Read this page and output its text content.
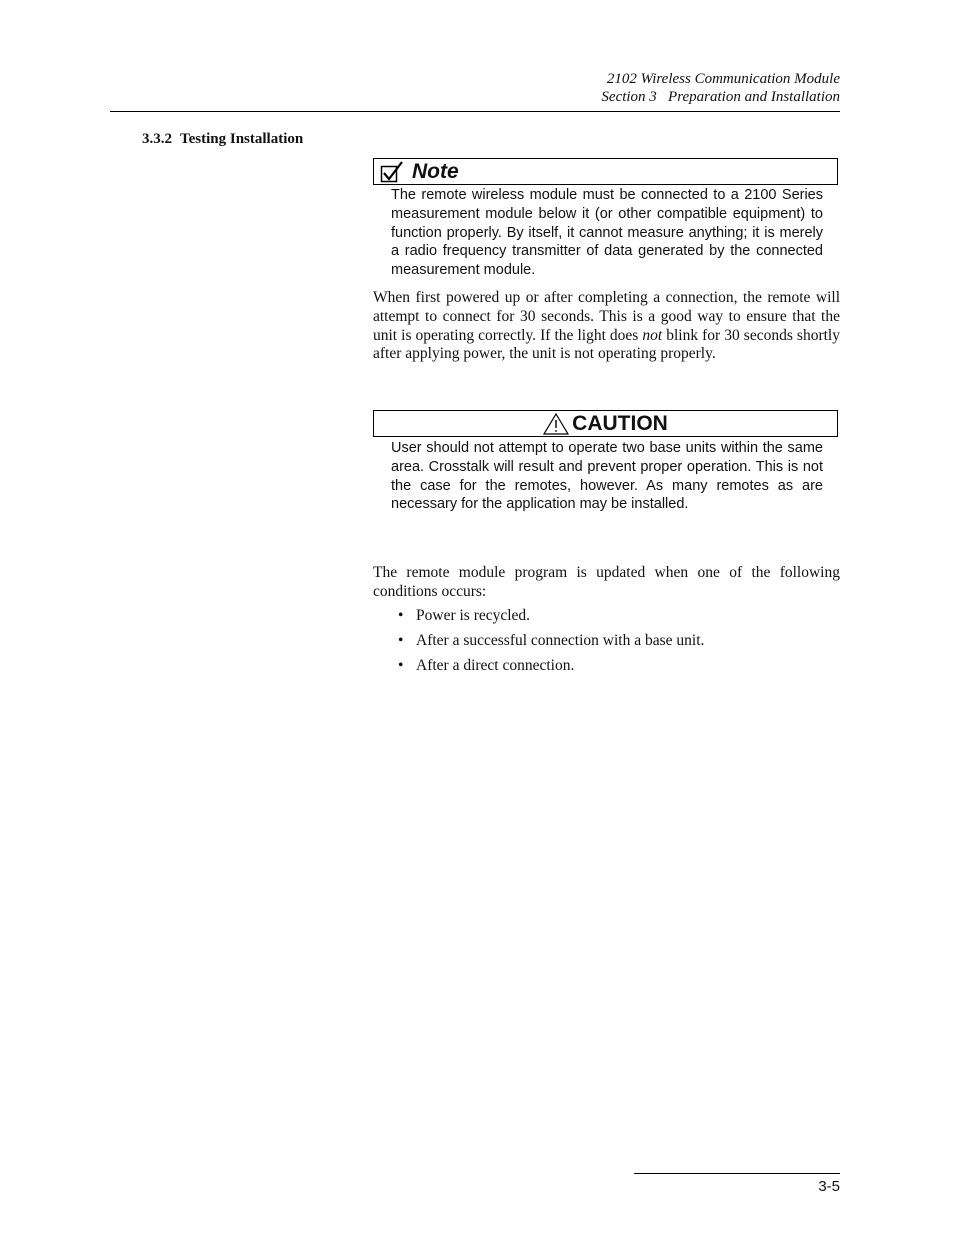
2102 Wireless Communication Module
Section 3   Preparation and Installation
3.3.2 Testing Installation
Note
The remote wireless module must be connected to a 2100 Series measurement module below it (or other compatible equipment) to function properly. By itself, it cannot measure anything; it is merely a radio frequency transmitter of data generated by the connected measurement module.
When first powered up or after completing a connection, the remote will attempt to connect for 30 seconds. This is a good way to ensure that the unit is operating correctly. If the light does not blink for 30 seconds shortly after applying power, the unit is not operating properly.
CAUTION
User should not attempt to operate two base units within the same area. Crosstalk will result and prevent proper operation. This is not the case for the remotes, however. As many remotes as are necessary for the application may be installed.
The remote module program is updated when one of the following conditions occurs:
• Power is recycled.
• After a successful connection with a base unit.
• After a direct connection.
3-5
